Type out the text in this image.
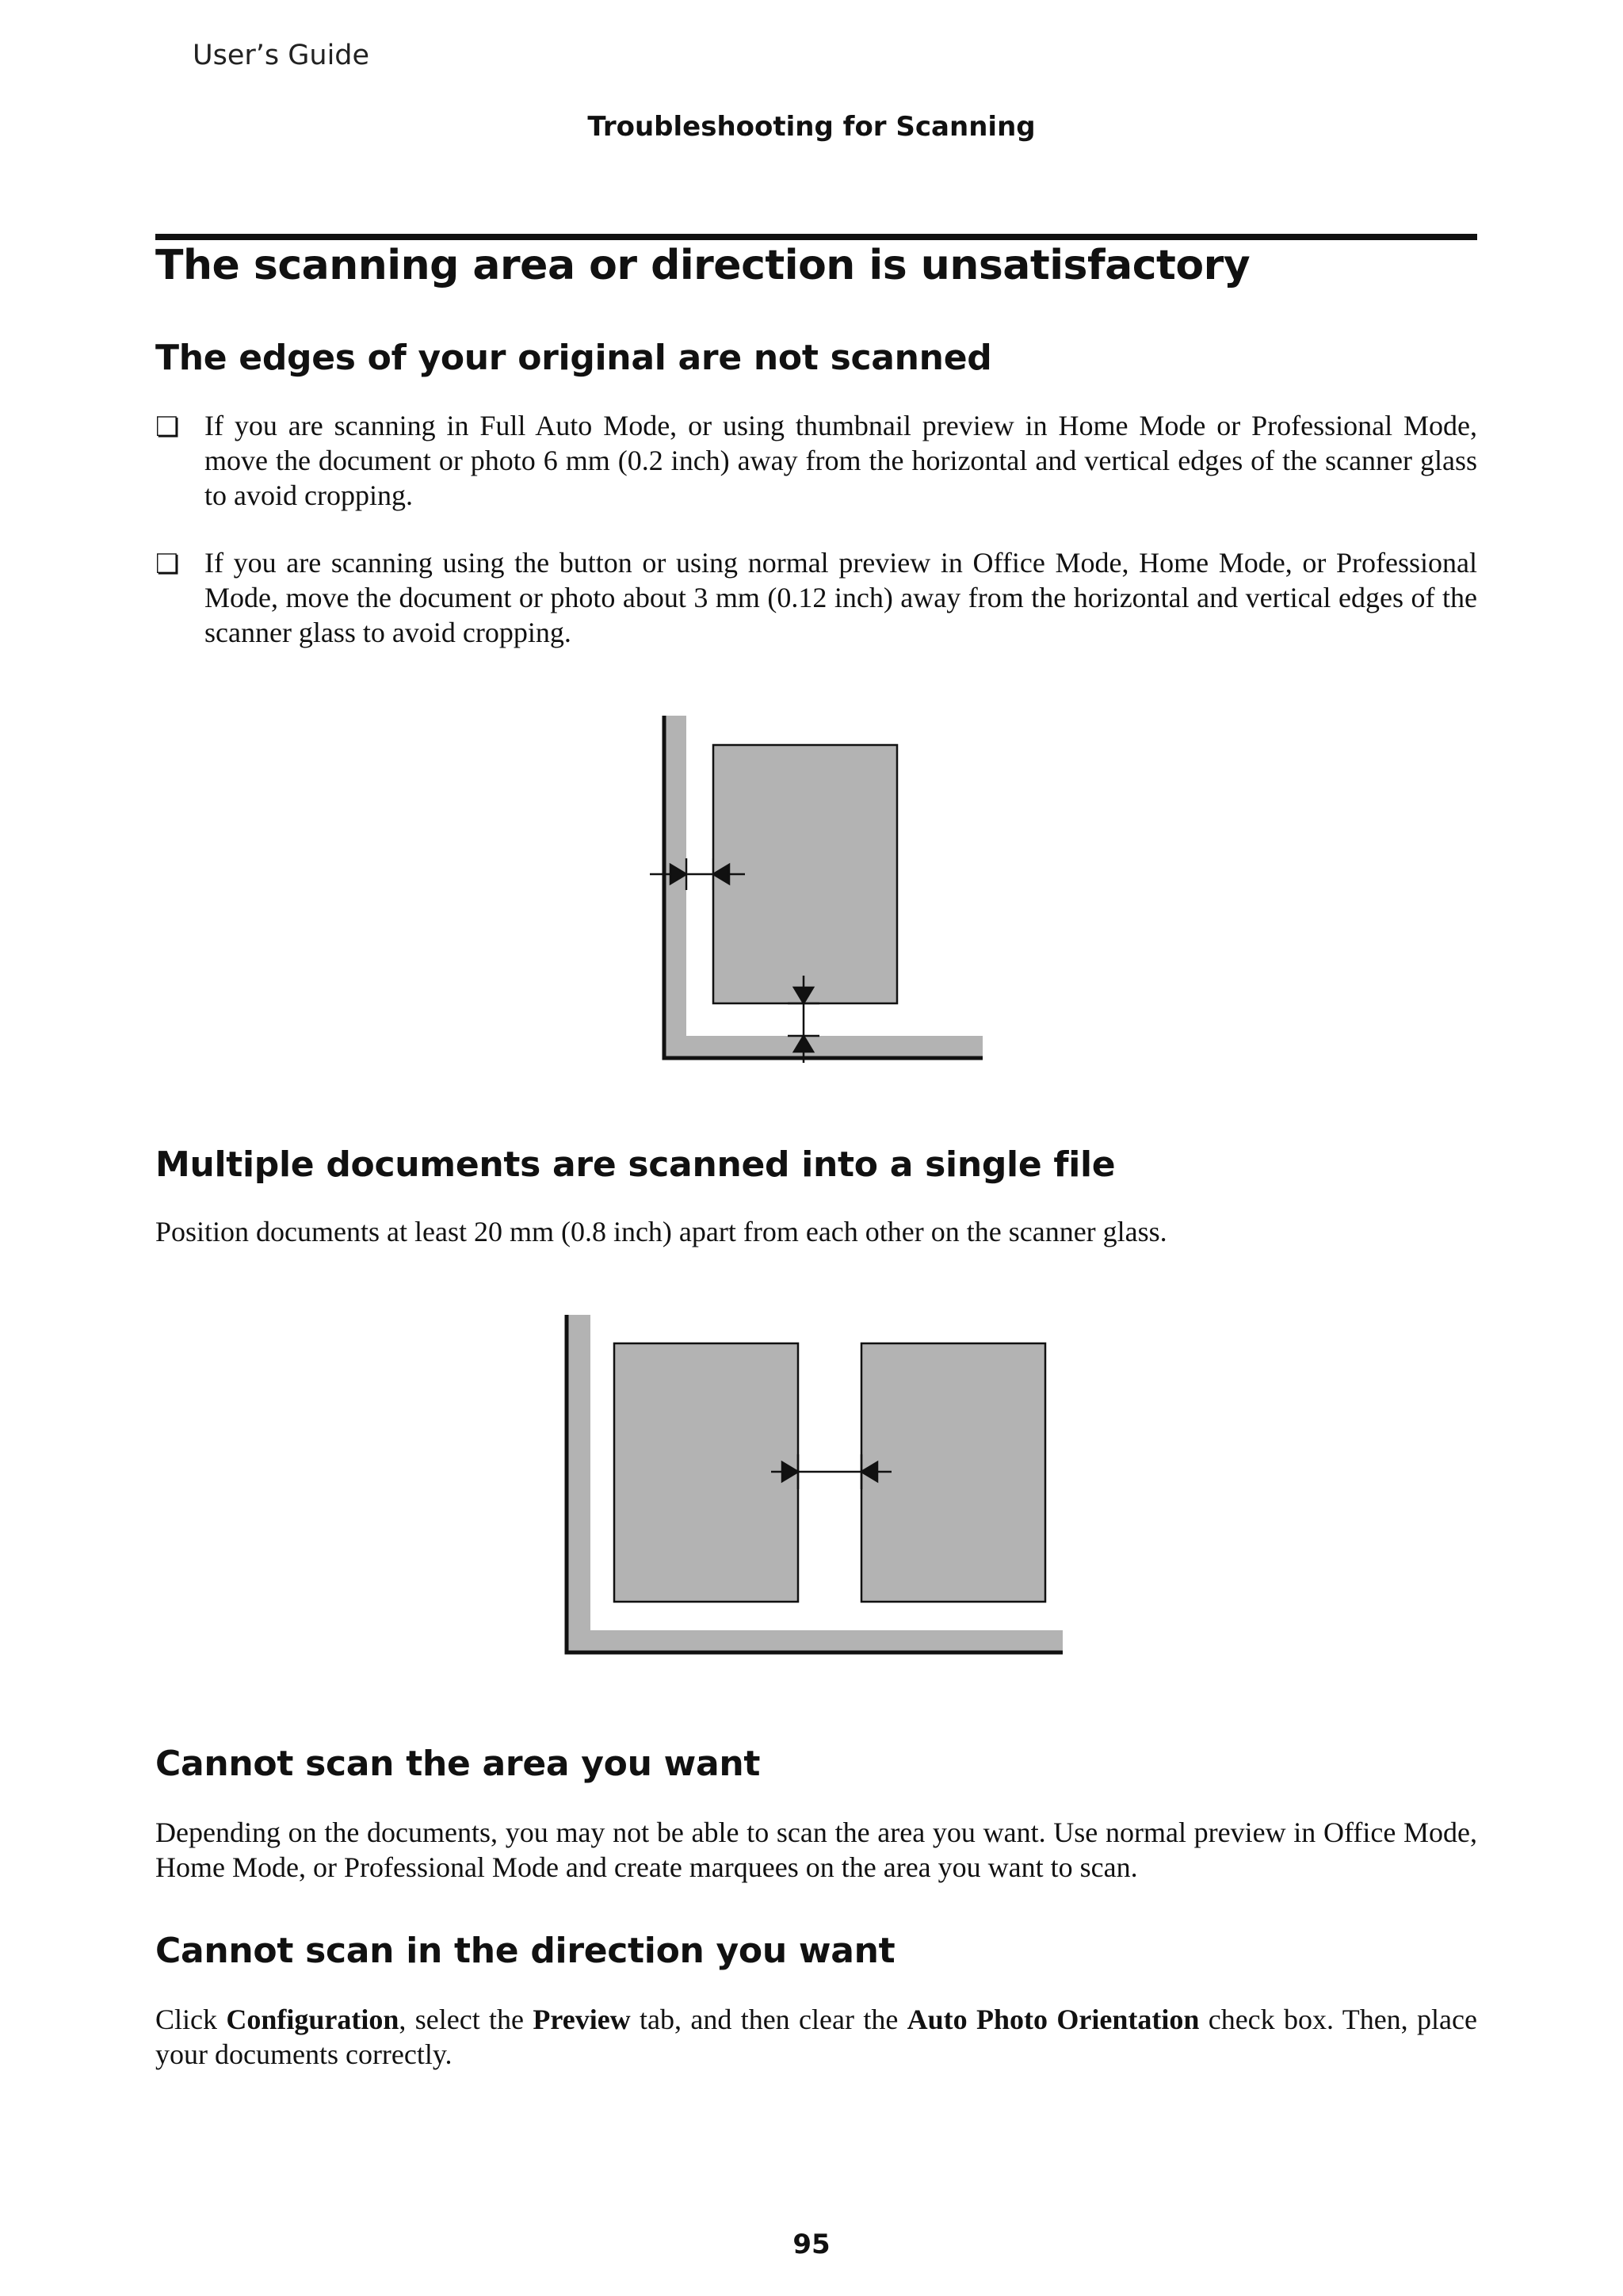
User’s Guide
Troubleshooting for Scanning
The scanning area or direction is unsatisfactory
The edges of your original are not scanned
❏ If you are scanning in Full Auto Mode, or using thumbnail preview in Home Mode or Professional Mode, move the document or photo 6 mm (0.2 inch) away from the horizontal and vertical edges of the scanner glass to avoid cropping.
❏ If you are scanning using the button or using normal preview in Office Mode, Home Mode, or Professional Mode, move the document or photo about 3 mm (0.12 inch) away from the horizontal and vertical edges of the scanner glass to avoid cropping.
Multiple documents are scanned into a single file
Position documents at least 20 mm (0.8 inch) apart from each other on the scanner glass.
Cannot scan the area you want
Depending on the documents, you may not be able to scan the area you want. Use normal preview in Office Mode, Home Mode, or Professional Mode and create marquees on the area you want to scan.
Cannot scan in the direction you want
Click Configuration, select the Preview tab, and then clear the Auto Photo Orientation check box. Then, place your documents correctly.
95
